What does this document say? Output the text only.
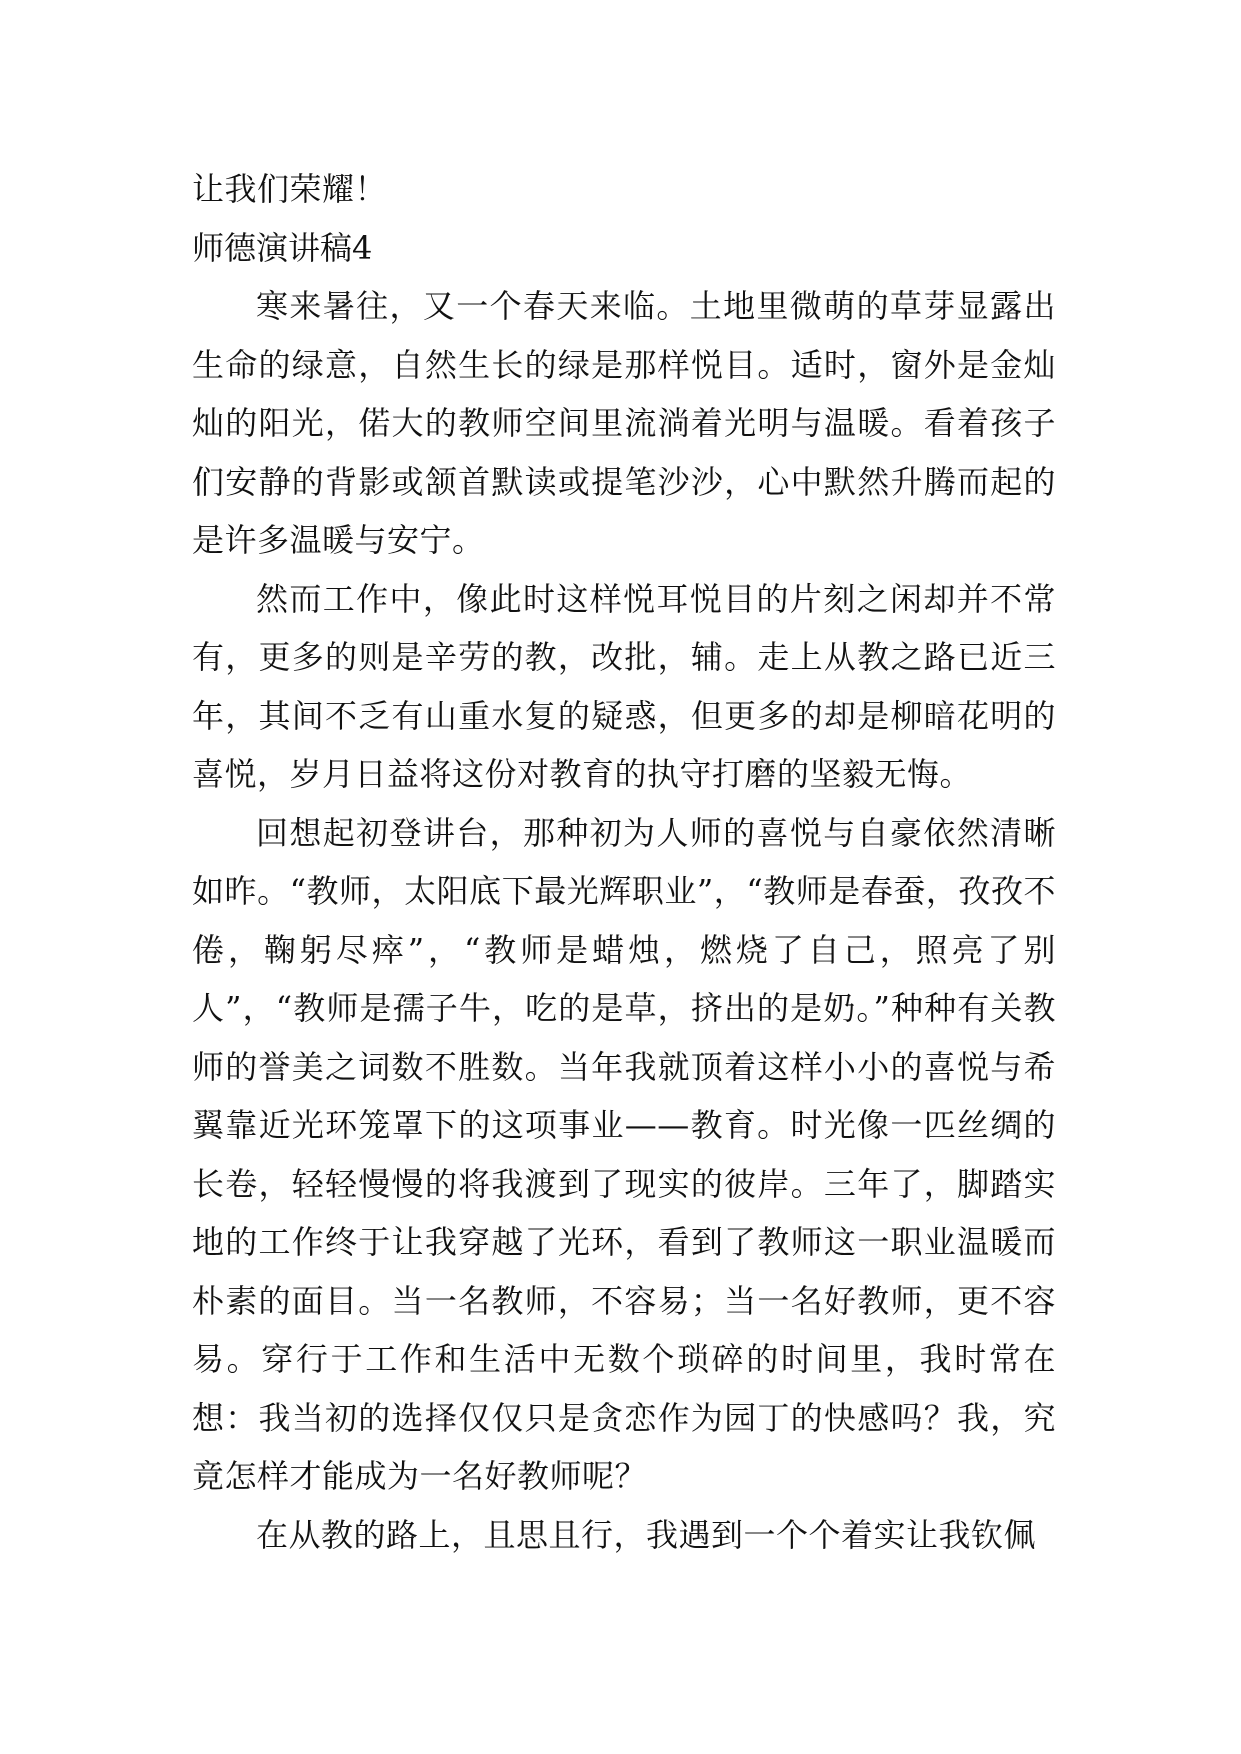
让我们荣耀！
师德演讲稿4

寒来暑往，又一个春天来临。土地里微萌的草芽显露出生命的绿意，自然生长的绿是那样悦目。适时，窗外是金灿灿的阳光，偌大的教师空间里流淌着光明与温暖。看着孩子们安静的背影或颔首默读或提笔沙沙，心中默然升腾而起的是许多温暖与安宁。

然而工作中，像此时这样悦耳悦目的片刻之闲却并不常有，更多的则是辛劳的教，改批，辅。走上从教之路已近三年，其间不乏有山重水复的疑惑，但更多的却是柳暗花明的喜悦，岁月日益将这份对教育的执守打磨的坚毅无悔。

回想起初登讲台，那种初为人师的喜悦与自豪依然清晰如昨。“教师，太阳底下最光辉职业”，“教师是春蚕，孜孜不倦，鞠躬尽瘁”，“教师是蜡烛，燃烧了自己，照亮了别人”，“教师是孺子牛，吃的是草，挤出的是奶。”种种有关教师的誉美之词数不胜数。当年我就顶着这样小小的喜悦与希翼靠近光环笼罩下的这项事业——教育。时光像一匹丝绸的长卷，轻轻慢慢的将我渡到了现实的彼岸。三年了，脚踏实地的工作终于让我穿越了光环，看到了教师这一职业温暖而朴素的面目。当一名教师，不容易；当一名好教师，更不容易。穿行于工作和生活中无数个琐碎的时间里，我时常在想：我当初的选择仅仅只是贪恋作为园丁的快感吗？我，究竟怎样才能成为一名好教师呢？

在从教的路上，且思且行，我遇到一个个着实让我钦佩
